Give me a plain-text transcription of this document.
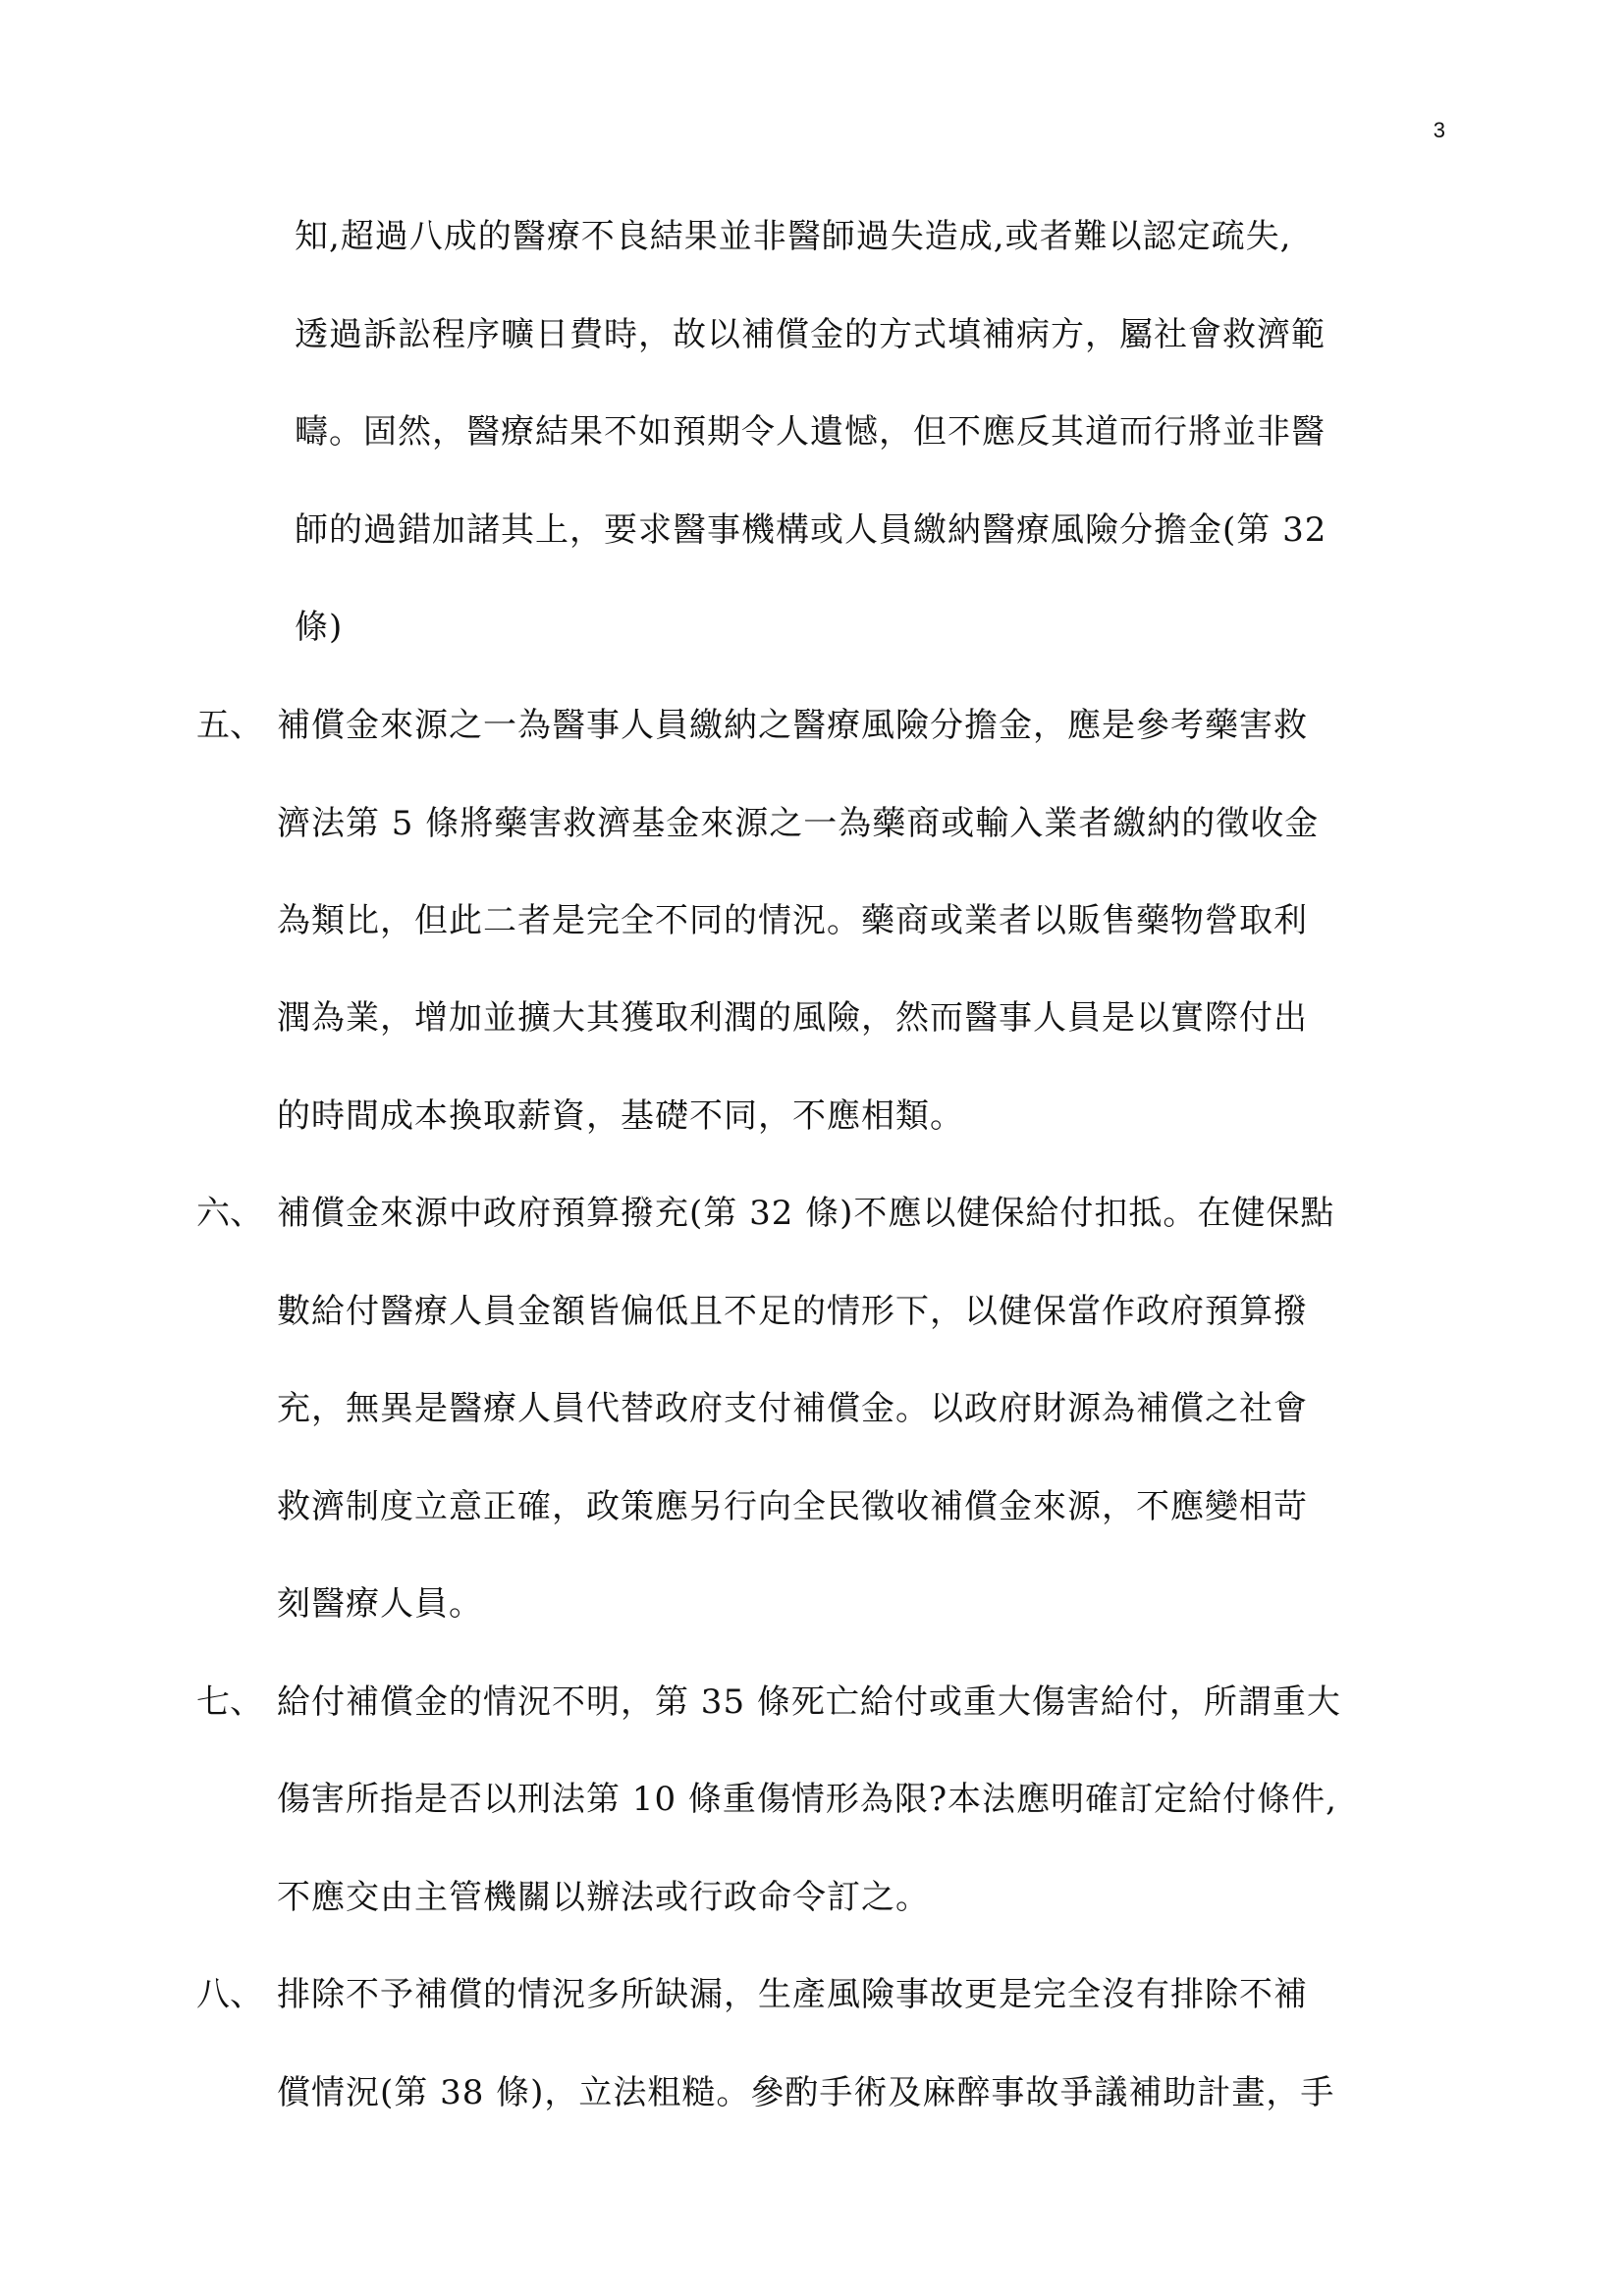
3
知,超過八成的醫療不良結果並非醫師過失造成,或者難以認定疏失,
透過訴訟程序曠日費時，故以補償金的方式填補病方，屬社會救濟範
疇。固然，醫療結果不如預期令人遺憾，但不應反其道而行將並非醫
師的過錯加諸其上，要求醫事機構或人員繳納醫療風險分擔金(第 32
條)
五、 補償金來源之一為醫事人員繳納之醫療風險分擔金，應是參考藥害救
濟法第 5 條將藥害救濟基金來源之一為藥商或輸入業者繳納的徵收金
為類比，但此二者是完全不同的情況。藥商或業者以販售藥物營取利
潤為業，增加並擴大其獲取利潤的風險，然而醫事人員是以實際付出
的時間成本換取薪資，基礎不同，不應相類。
六、 補償金來源中政府預算撥充(第 32 條)不應以健保給付扣抵。在健保點
數給付醫療人員金額皆偏低且不足的情形下，以健保當作政府預算撥
充，無異是醫療人員代替政府支付補償金。以政府財源為補償之社會
救濟制度立意正確，政策應另行向全民徵收補償金來源，不應變相苛
刻醫療人員。
七、 給付補償金的情況不明，第 35 條死亡給付或重大傷害給付，所謂重大
傷害所指是否以刑法第 10 條重傷情形為限?本法應明確訂定給付條件,
不應交由主管機關以辦法或行政命令訂之。
八、 排除不予補償的情況多所缺漏，生產風險事故更是完全沒有排除不補
償情況(第 38 條)，立法粗糙。參酌手術及麻醉事故爭議補助計畫，手
